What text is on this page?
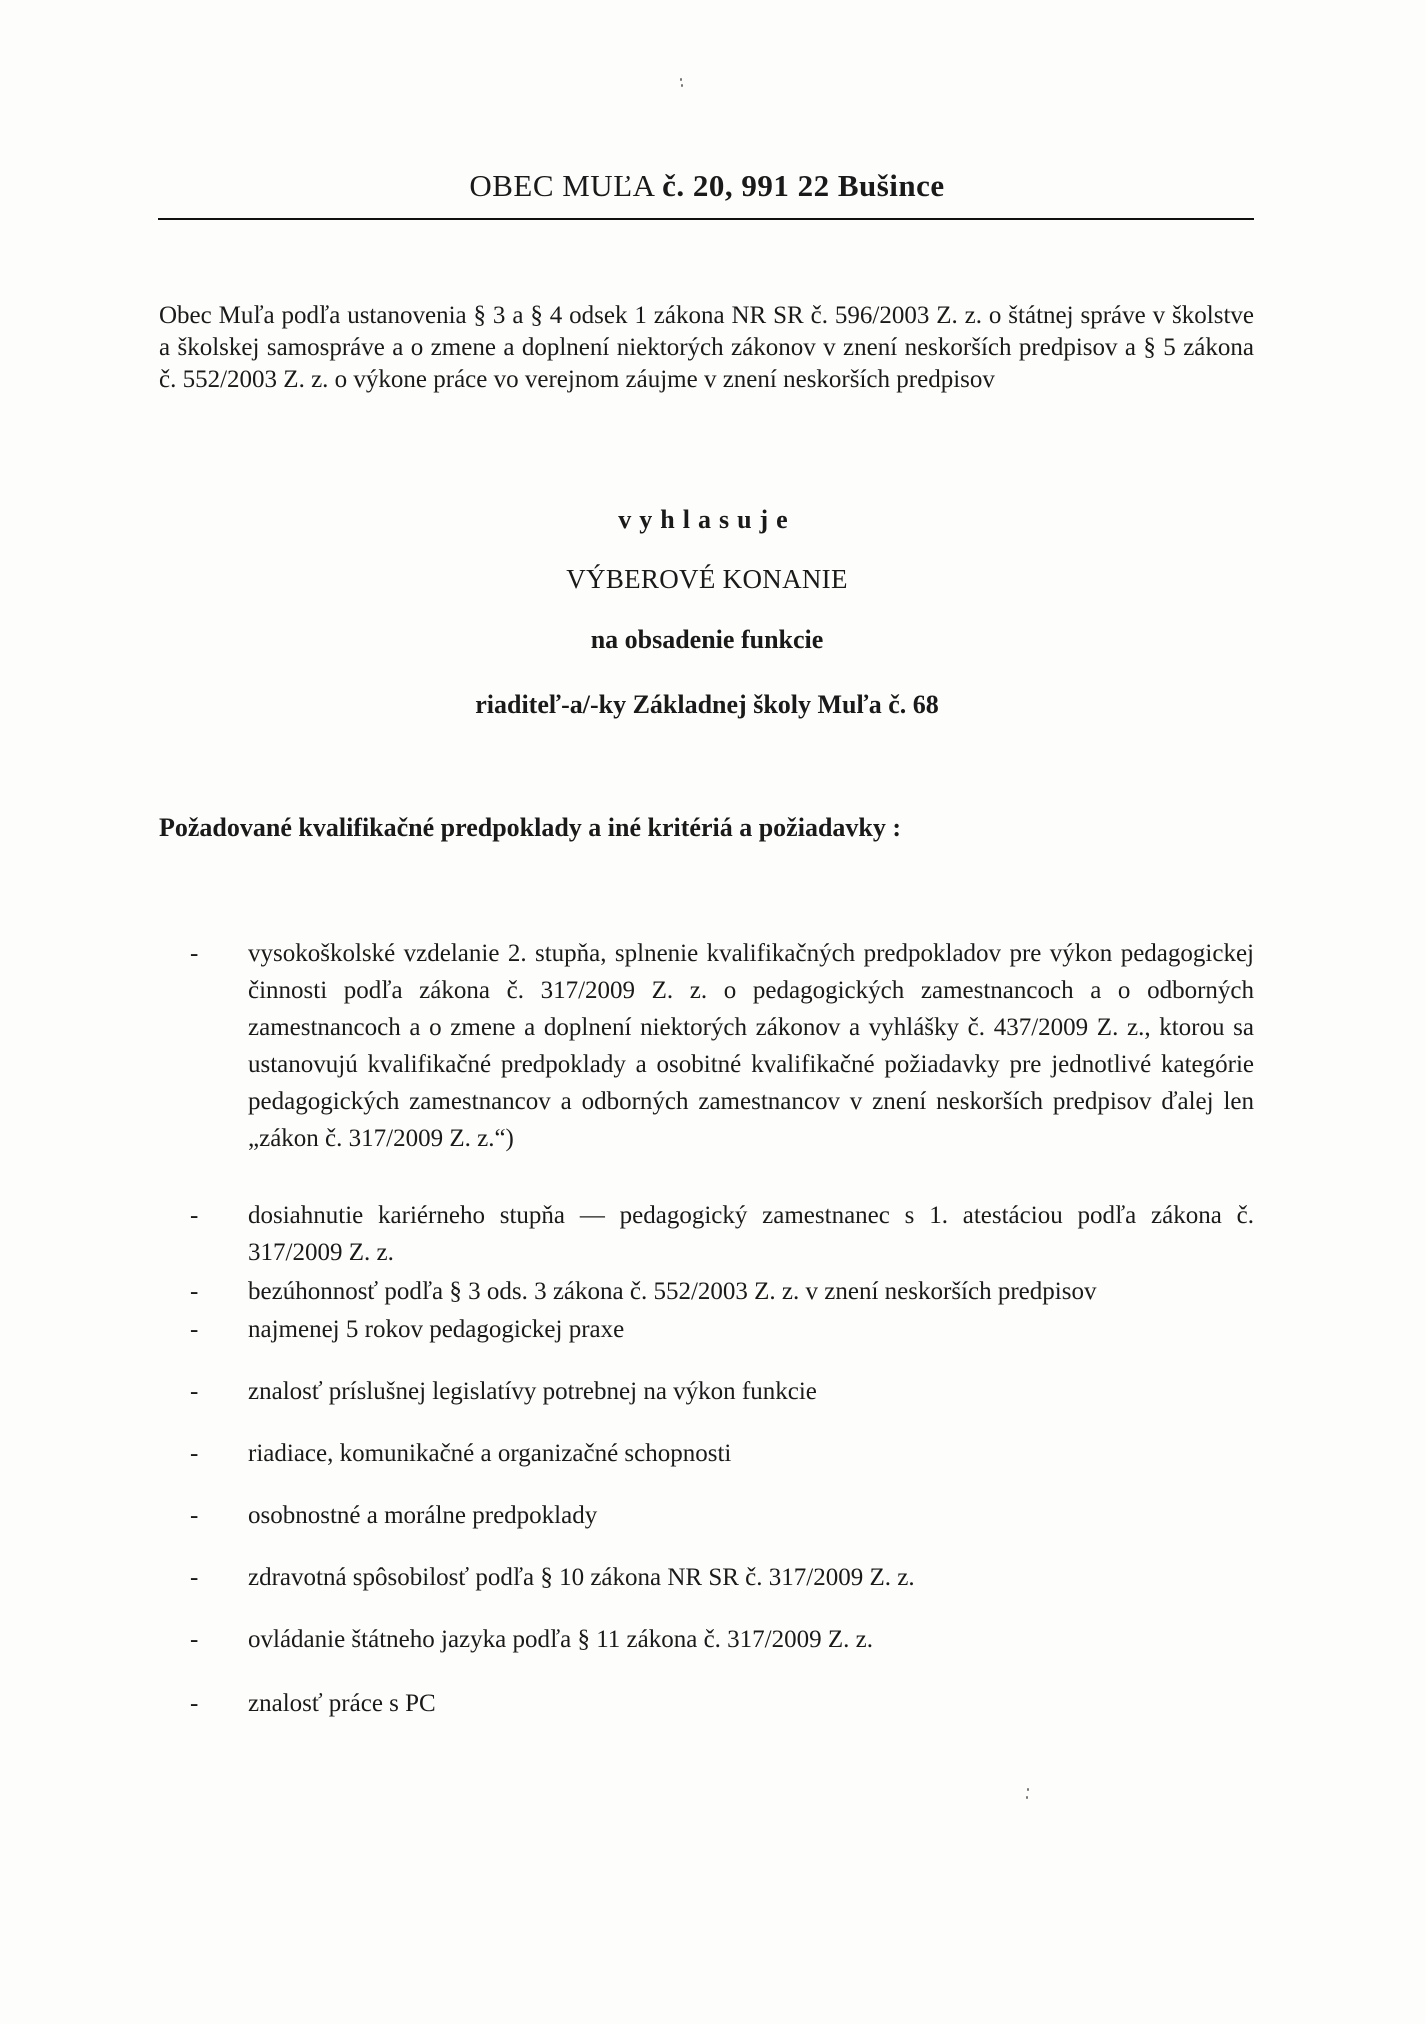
OBEC MUĽA č. 20, 991 22 Bušince
Obec Muľa podľa ustanovenia § 3 a § 4 odsek 1 zákona NR SR č. 596/2003 Z. z. o štátnej správe v školstve a školskej samospráve a o zmene a doplnení niektorých zákonov v znení neskorších predpisov a § 5 zákona č. 552/2003 Z. z. o výkone práce vo verejnom záujme v znení neskorších predpisov
vyhlasuje
VÝBEROVÉ KONANIE
na obsadenie funkcie
riaditeľ-a/-ky Základnej školy Muľa č. 68
Požadované kvalifikačné predpoklady a iné kritériá a požiadavky :
-	vysokoškolské vzdelanie 2. stupňa, splnenie kvalifikačných predpokladov pre výkon pedagogickej činnosti podľa zákona č. 317/2009 Z. z. o pedagogických zamestnancoch a o odborných zamestnancoch a o zmene a doplnení niektorých zákonov a vyhlášky č. 437/2009 Z. z., ktorou sa ustanovujú kvalifikačné predpoklady a osobitné kvalifikačné požiadavky pre jednotlivé kategórie pedagogických zamestnancov a odborných zamestnancov v znení neskorších predpisov ďalej len „zákon č. 317/2009 Z. z.“)
-	dosiahnutie kariérneho stupňa — pedagogický zamestnanec s 1. atestáciou podľa zákona č. 317/2009 Z. z.
-	bezúhonnosť podľa § 3 ods. 3 zákona č. 552/2003 Z. z. v znení neskorších predpisov
-	najmenej 5 rokov pedagogickej praxe
-	znalosť príslušnej legislatívy potrebnej na výkon funkcie
-	riadiace, komunikačné a organizačné schopnosti
-	osobnostné a morálne predpoklady
-	zdravotná spôsobilosť podľa § 10 zákona NR SR č. 317/2009 Z. z.
-	ovládanie štátneho jazyka podľa § 11 zákona č. 317/2009 Z. z.
-	znalosť práce s PC
